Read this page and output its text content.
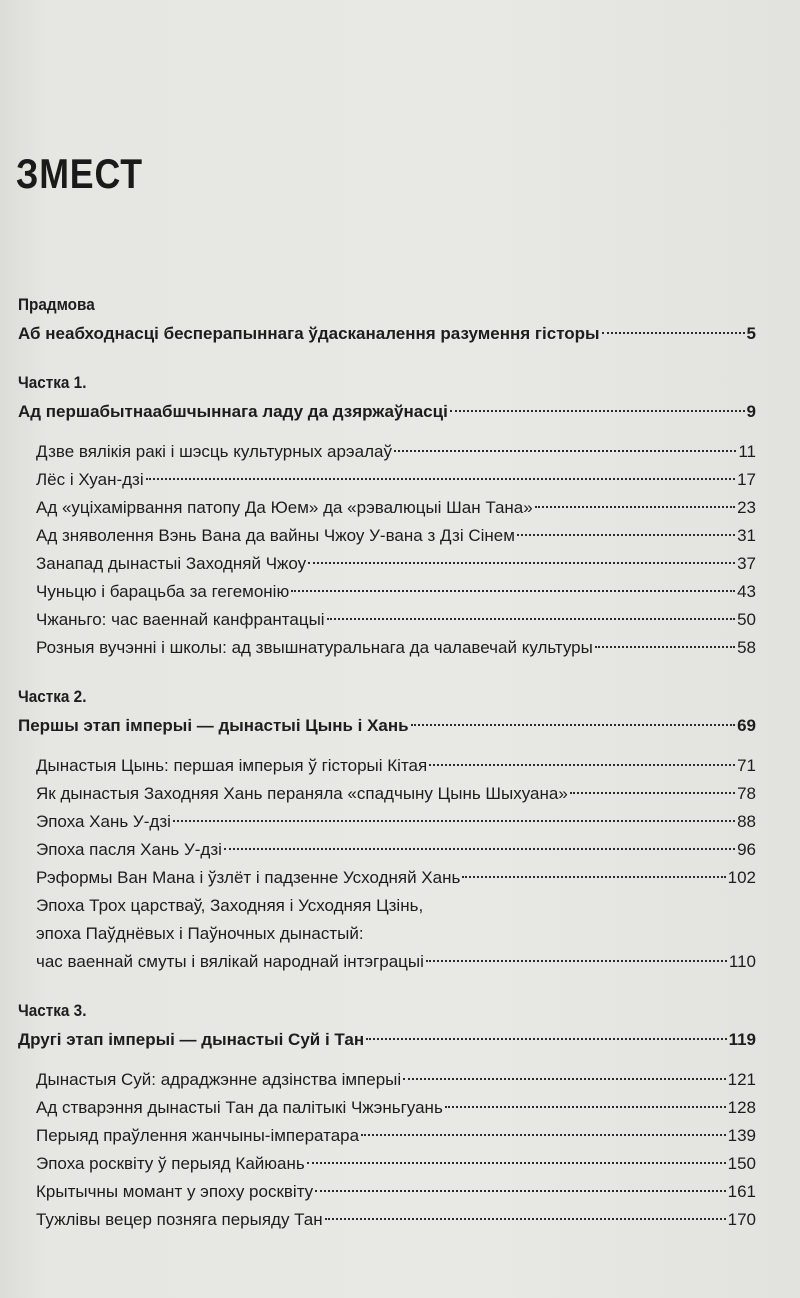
ЗМЕСТ
Прадмова
Аб неабходнасці бесперапыннага ўдасканалення разумення гісторы	5
Частка 1.
Ад першабытнаабшчыннага ладу да дзяржаўнасці	9
Дзве вялікія ракі і шэсць культурных арэалаў	11
Лёс і Хуан-дзі	17
Ад «уціхамірвання патопу Да Юем» да «рэвалюцыі Шан Тана»	23
Ад зняволення Вэнь Вана да вайны Чжоу У-вана з Дзі Сінем	31
Занапад дынастыі Заходняй Чжоу	37
Чуньцю і барацьба за гегемонію	43
Чжаньго: час ваеннай канфрантацыі	50
Розныя вучэнні і школы: ад звышнатуральнага да чалавечай культуры	58
Частка 2.
Першы этап імперыі — дынастыі Цынь і Хань	69
Дынастыя Цынь: першая імперыя ў гісторыі Кітая	71
Як дынастыя Заходняя Хань пераняла «спадчыну Цынь Шыхуана»	78
Эпоха Хань У-дзі	88
Эпоха пасля Хань У-дзі	96
Рэформы Ван Мана і ўзлёт і падзенне Усходняй Хань	102
Эпоха Трох царстваў, Заходняя і Усходняя Цзінь,
эпоха Паўднёвых і Паўночных дынастый:
час ваеннай смуты і вялікай народнай інтэграцыі	110
Частка 3.
Другі этап імперыі — дынастыі Суй і Тан	119
Дынастыя Суй: адраджэнне адзінства імперыі	121
Ад стварэння дынастыі Тан да палітыкі Чжэньгуань	128
Перыяд праўлення жанчыны-імператара	139
Эпоха росквіту ў перыяд Кайюань	150
Крытычны момант у эпоху росквіту	161
Тужлівы вецер позняга перыяду Тан	170
